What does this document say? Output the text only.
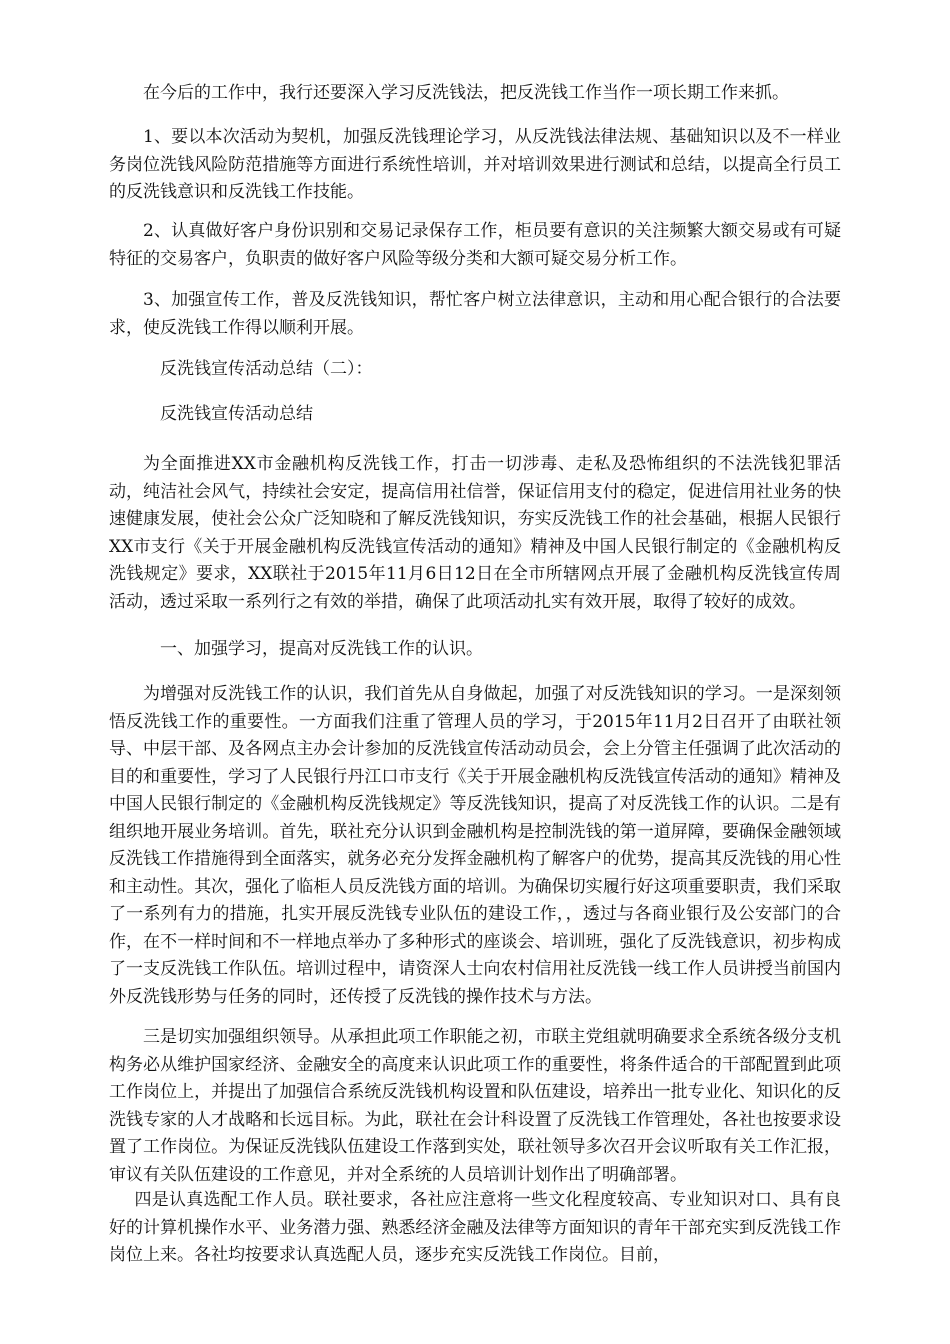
在今后的工作中，我行还要深入学习反洗钱法，把反洗钱工作当作一项长期工作来抓。

1、要以本次活动为契机，加强反洗钱理论学习，从反洗钱法律法规、基础知识以及不一样业务岗位洗钱风险防范措施等方面进行系统性培训，并对培训效果进行测试和总结，以提高全行员工的反洗钱意识和反洗钱工作技能。

2、认真做好客户身份识别和交易记录保存工作，柜员要有意识的关注频繁大额交易或有可疑特征的交易客户，负职责的做好客户风险等级分类和大额可疑交易分析工作。

3、加强宣传工作，普及反洗钱知识，帮忙客户树立法律意识，主动和用心配合银行的合法要求，使反洗钱工作得以顺利开展。

反洗钱宣传活动总结（二）：

反洗钱宣传活动总结

为全面推进XX市金融机构反洗钱工作，打击一切涉毒、走私及恐怖组织的不法洗钱犯罪活动，纯洁社会风气，持续社会安定，提高信用社信誉，保证信用支付的稳定，促进信用社业务的快速健康发展，使社会公众广泛知晓和了解反洗钱知识，夯实反洗钱工作的社会基础，根据人民银行XX市支行《关于开展金融机构反洗钱宣传活动的通知》精神及中国人民银行制定的《金融机构反洗钱规定》要求，XX联社于2015年11月6日12日在全市所辖网点开展了金融机构反洗钱宣传周活动，透过采取一系列行之有效的举措，确保了此项活动扎实有效开展，取得了较好的成效。

一、加强学习，提高对反洗钱工作的认识。

为增强对反洗钱工作的认识，我们首先从自身做起，加强了对反洗钱知识的学习。一是深刻领悟反洗钱工作的重要性。一方面我们注重了管理人员的学习，于2015年11月2日召开了由联社领导、中层干部、及各网点主办会计参加的反洗钱宣传活动动员会，会上分管主任强调了此次活动的目的和重要性，学习了人民银行丹江口市支行《关于开展金融机构反洗钱宣传活动的通知》精神及中国人民银行制定的《金融机构反洗钱规定》等反洗钱知识，提高了对反洗钱工作的认识。二是有组织地开展业务培训。首先，联社充分认识到金融机构是控制洗钱的第一道屏障，要确保金融领域反洗钱工作措施得到全面落实，就务必充分发挥金融机构了解客户的优势，提高其反洗钱的用心性和主动性。其次，强化了临柜人员反洗钱方面的培训。为确保切实履行好这项重要职责，我们采取了一系列有力的措施，扎实开展反洗钱专业队伍的建设工作，，透过与各商业银行及公安部门的合作，在不一样时间和不一样地点举办了多种形式的座谈会、培训班，强化了反洗钱意识，初步构成了一支反洗钱工作队伍。培训过程中，请资深人士向农村信用社反洗钱一线工作人员讲授当前国内外反洗钱形势与任务的同时，还传授了反洗钱的操作技术与方法。

三是切实加强组织领导。从承担此项工作职能之初，市联主党组就明确要求全系统各级分支机构务必从维护国家经济、金融安全的高度来认识此项工作的重要性，将条件适合的干部配置到此项工作岗位上，并提出了加强信合系统反洗钱机构设置和队伍建设，培养出一批专业化、知识化的反洗钱专家的人才战略和长远目标。为此，联社在会计科设置了反洗钱工作管理处，各社也按要求设置了工作岗位。为保证反洗钱队伍建设工作落到实处，联社领导多次召开会议听取有关工作汇报，审议有关队伍建设的工作意见，并对全系统的人员培训计划作出了明确部署。

四是认真选配工作人员。联社要求，各社应注意将一些文化程度较高、专业知识对口、具有良好的计算机操作水平、业务潜力强、熟悉经济金融及法律等方面知识的青年干部充实到反洗钱工作岗位上来。各社均按要求认真选配人员，逐步充实反洗钱工作岗位。目前，
